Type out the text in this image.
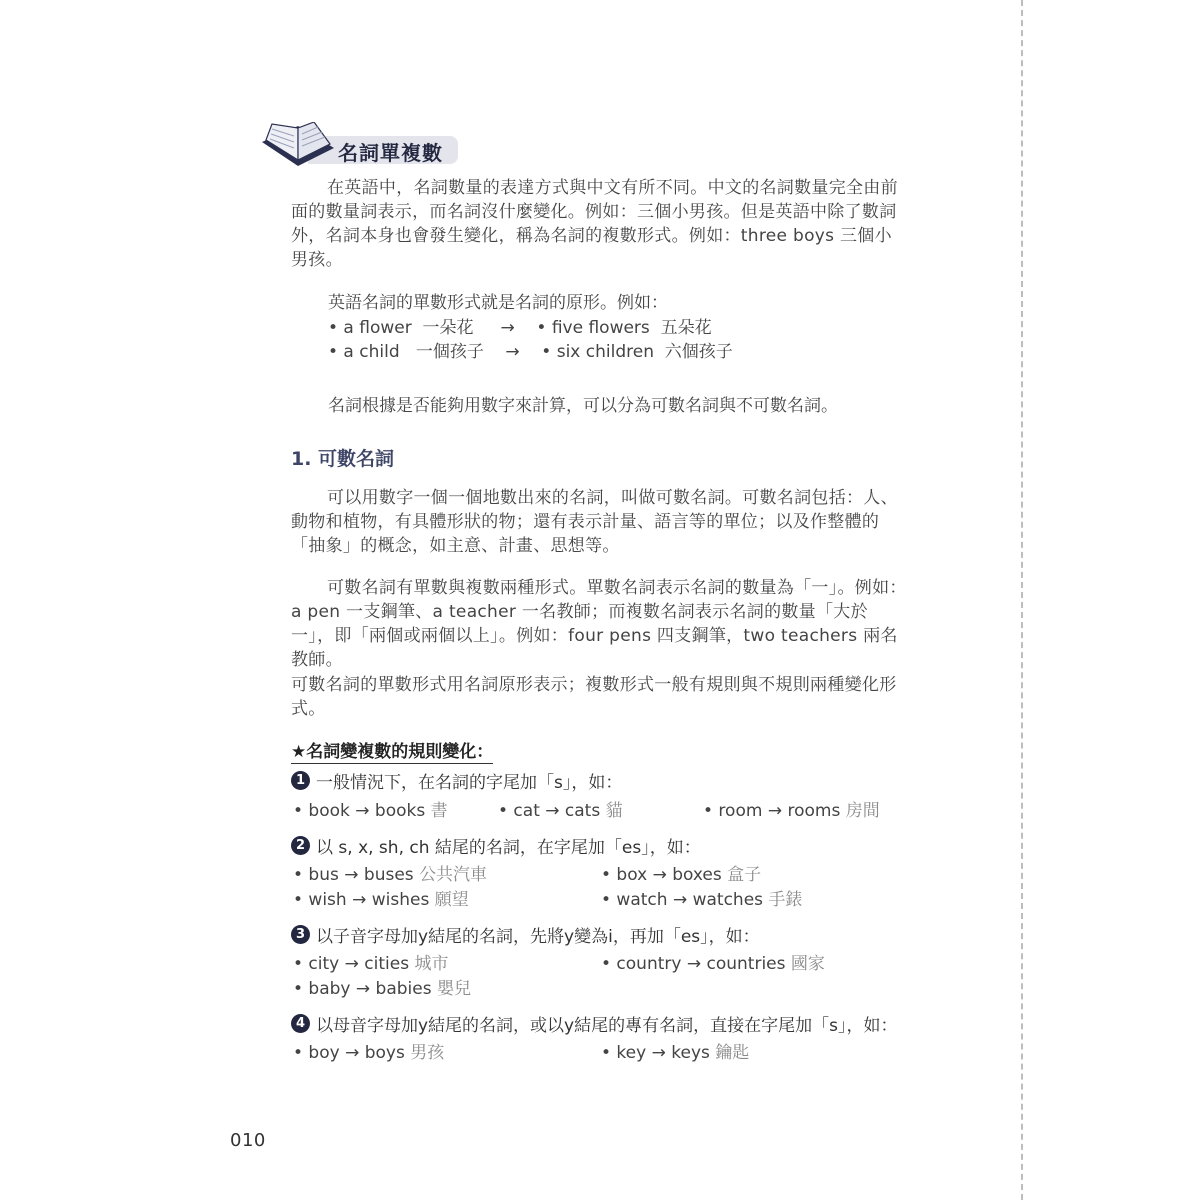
名詞單複數
在英語中，名詞數量的表達方式與中文有所不同。中文的名詞數量完全由前面的數量詞表示，而名詞沒什麼變化。例如：三個小男孩。但是英語中除了數詞外，名詞本身也會發生變化，稱為名詞的複數形式。例如：three boys 三個小男孩。
英語名詞的單數形式就是名詞的原形。例如：
• a flower  一朵花     →    • five flowers  五朵花
• a child   一個孩子    →    • six children  六個孩子
名詞根據是否能夠用數字來計算，可以分為可數名詞與不可數名詞。
1. 可數名詞
可以用數字一個一個地數出來的名詞，叫做可數名詞。可數名詞包括：人、動物和植物，有具體形狀的物；還有表示計量、語言等的單位；以及作整體的「抽象」的概念，如主意、計畫、思想等。
可數名詞有單數與複數兩種形式。單數名詞表示名詞的數量為「一」。例如：a pen 一支鋼筆、a teacher 一名教師；而複數名詞表示名詞的數量「大於一」，即「兩個或兩個以上」。例如：four pens 四支鋼筆，two teachers 兩名教師。
可數名詞的單數形式用名詞原形表示；複數形式一般有規則與不規則兩種變化形式。
★名詞變複數的規則變化：
1 一般情況下，在名詞的字尾加「s」，如：
• book → books 書	• cat → cats 貓	• room → rooms 房間
2 以 s, x, sh, ch 結尾的名詞，在字尾加「es」，如：
• bus → buses 公共汽車	• box → boxes 盒子
• wish → wishes 願望	• watch → watches 手錶
3 以子音字母加y結尾的名詞，先將y變為i，再加「es」，如：
• city → cities 城市	• country → countries 國家
• baby → babies 嬰兒
4 以母音字母加y結尾的名詞，或以y結尾的專有名詞，直接在字尾加「s」，如：
• boy → boys 男孩	• key → keys 鑰匙
010
